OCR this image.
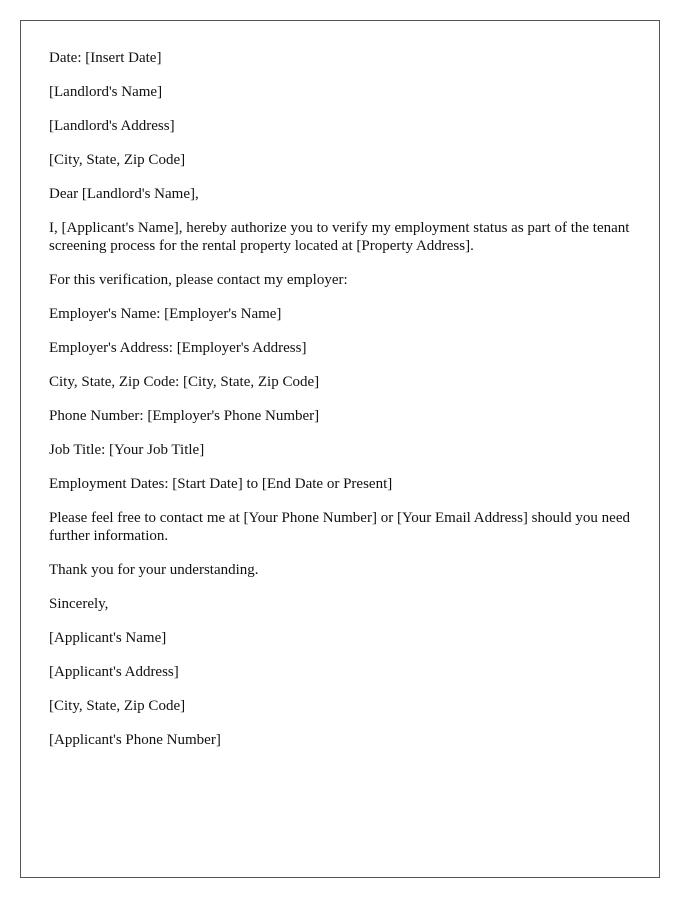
Date: [Insert Date]

[Landlord's Name]

[Landlord's Address]

[City, State, Zip Code]

Dear [Landlord's Name],

I, [Applicant's Name], hereby authorize you to verify my employment status as part of the tenant screening process for the rental property located at [Property Address].

For this verification, please contact my employer:

Employer's Name: [Employer's Name]

Employer's Address: [Employer's Address]

City, State, Zip Code: [City, State, Zip Code]

Phone Number: [Employer's Phone Number]

Job Title: [Your Job Title]

Employment Dates: [Start Date] to [End Date or Present]

Please feel free to contact me at [Your Phone Number] or [Your Email Address] should you need further information.

Thank you for your understanding.

Sincerely,

[Applicant's Name]

[Applicant's Address]

[City, State, Zip Code]

[Applicant's Phone Number]
